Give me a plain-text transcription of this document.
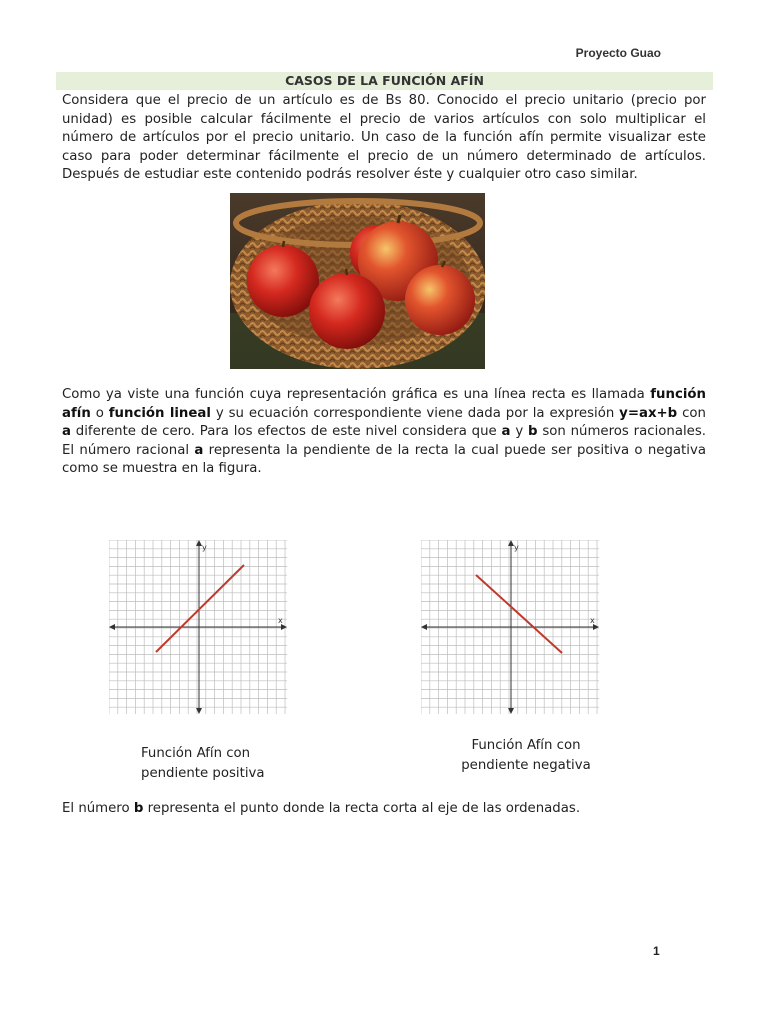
Proyecto Guao
CASOS DE LA FUNCIÓN AFÍN

Considera que el precio de un artículo es de Bs 80. Conocido el precio unitario (precio por unidad) es posible calcular fácilmente el precio de varios artículos con solo multiplicar el número de artículos por el precio unitario. Un caso de la función afín permite visualizar este caso para poder determinar fácilmente el precio de un número determinado de artículos. Después de estudiar este contenido podrás resolver éste y cualquier otro caso similar.

Como ya viste una función cuya representación gráfica es una línea recta es llamada función afín o función lineal y su ecuación correspondiente viene dada por la expresión y=ax+b con a diferente de cero. Para los efectos de este nivel considera que a y b son números racionales. El número racional a representa la pendiente de la recta la cual puede ser positiva o negativa como se muestra en la figura.

y
x
y
x
Función Afín con
pendiente positiva
Función Afín con
pendiente negativa

El número b representa el punto donde la recta corta al eje de las ordenadas.

1
